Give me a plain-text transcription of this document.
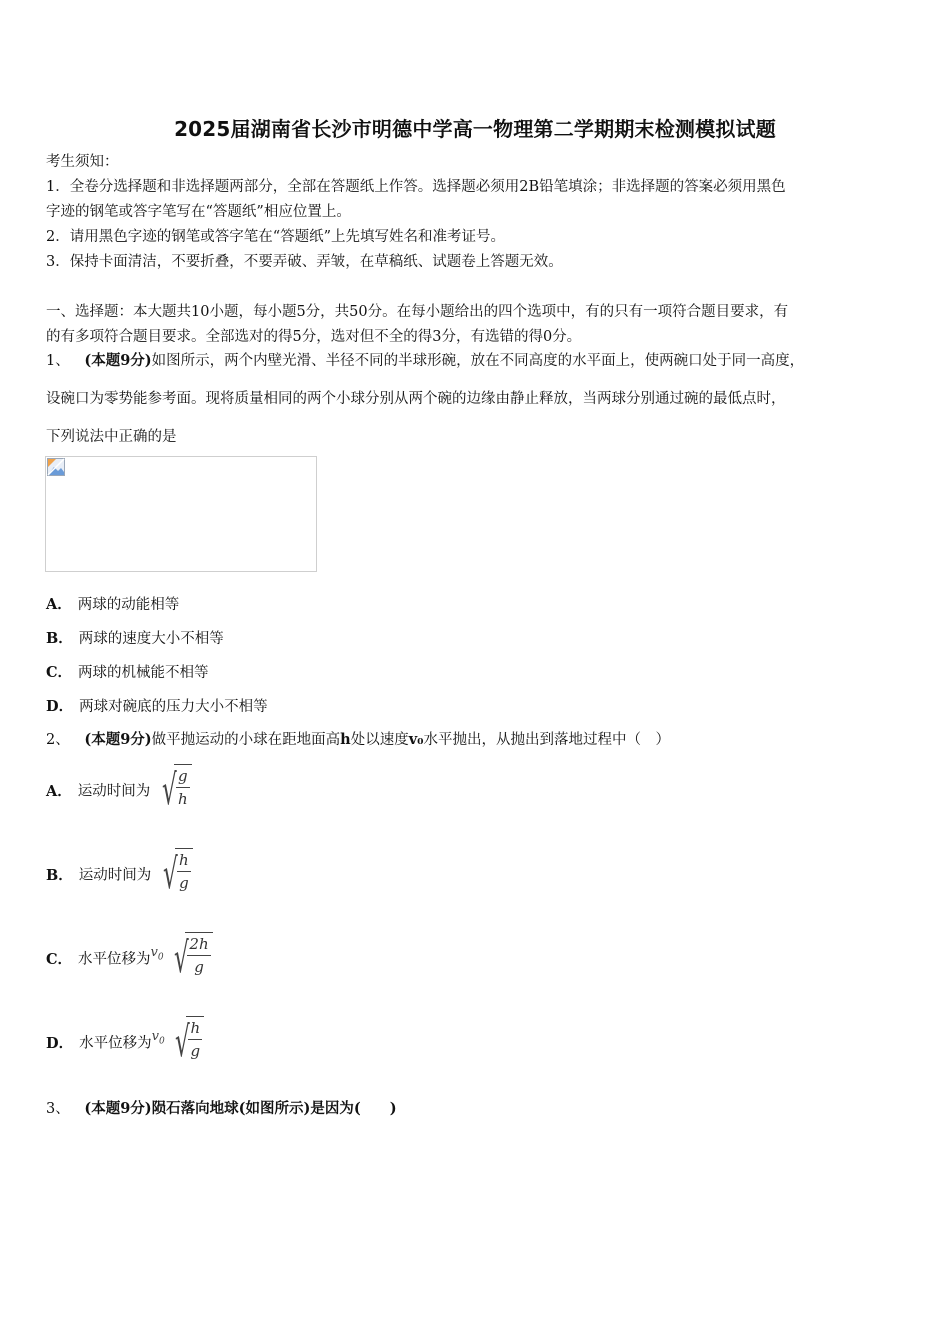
2025届湖南省长沙市明德中学高一物理第二学期期末检测模拟试题
考生须知：
1．全卷分选择题和非选择题两部分，全部在答题纸上作答。选择题必须用2B铅笔填涂；非选择题的答案必须用黑色
字迹的钢笔或答字笔写在“答题纸”相应位置上。
2．请用黑色字迹的钢笔或答字笔在“答题纸”上先填写姓名和准考证号。
3．保持卡面清洁，不要折叠，不要弄破、弄皱，在草稿纸、试题卷上答题无效。
一、选择题：本大题共10小题，每小题5分，共50分。在每小题给出的四个选项中，有的只有一项符合题目要求，有
的有多项符合题目要求。全部选对的得5分，选对但不全的得3分，有选错的得0分。
1、 (本题9分)如图所示，两个内壁光滑、半径不同的半球形碗，放在不同高度的水平面上，使两碗口处于同一高度，
设碗口为零势能参考面。现将质量相同的两个小球分别从两个碗的边缘由静止释放，当两球分别通过碗的最低点时，
下列说法中正确的是
A． 两球的动能相等
B． 两球的速度大小不相等
C． 两球的机械能不相等
D． 两球对碗底的压力大小不相等
2、 (本题9分)做平抛运动的小球在距地面高h处以速度v₀水平抛出，从抛出到落地过程中（　）
A． 运动时间为 √
$\frac{g}{h}$
B． 运动时间为 √
$\frac{h}{g}$
C． 水平位移为$v_0$ √
$\frac{2h}{g}$
D． 水平位移为$v_0$ √
$\frac{h}{g}$
3、 (本题9分)陨石落向地球(如图所示)是因为(　　)
